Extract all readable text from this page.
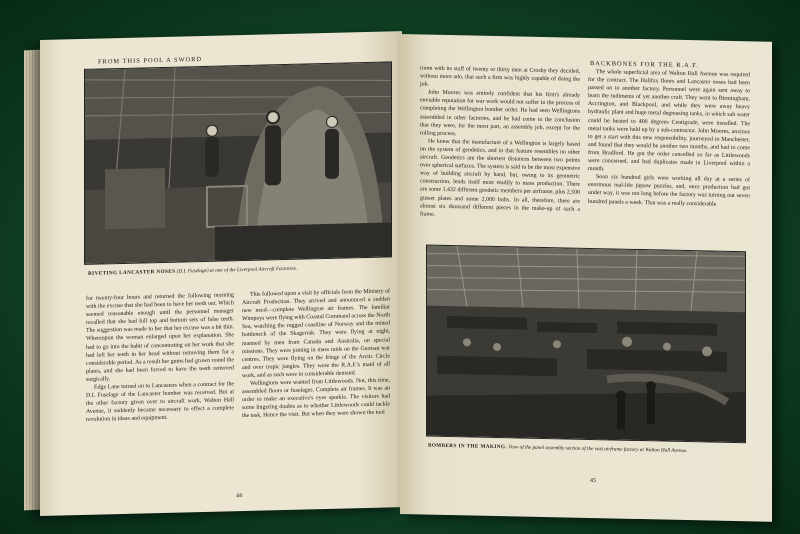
FROM THIS POOL A SWORD
RIVETING LANCASTER NOSES (D.I. Fuselage) at one of the Liverpool Aircraft Factories.

for twenty-four hours and returned the following morning with the excuse that she had been to have her teeth out. Which seemed reasonable enough until the personnel manager recalled that she had full top and bottom sets of false teeth. The suggestion was made to her that her excuse was a bit thin. Whereupon the woman enlarged upon her explanation. She had to go into the habit of concentrating on her work that she had left her teeth in her head without removing them for a considerable period. As a result her gums had grown round the plates, and she had been forced to have the teeth removed surgically.

Edge Lane turned on to Lancasters when a contract for the D.I. Fuselage of the Lancaster bomber was received. But at the other factory given over to aircraft work, Walton Hall Avenue, it suddenly became necessary to effect a complete revolution in ideas and equipment.

This followed upon a visit by officials from the Ministry of Aircraft Production. They arrived and announced a sudden new need—complete Wellington air frames. The familiar Wimpeys were flying with Coastal Command across the North Sea, watching the rugged coastline of Norway and the mined bottleneck of the Skagerrak. They were flying at night, manned by men from Canada and Australia, on special missions. They were joining in mass raids on the German war centres. They were flying on the fringe of the Arctic Circle and over tropic jungles. They were the R.A.F.'s maid of all work, and as such were in considerable demand.

Wellingtons were wanted from Littlewoods. Not, this time, assembled floors or fuselages. Complete air frames. It was an order to make an executive's eyes sparkle. The visitors had some lingering doubts as to whether Littlewoods could tackle the task. Hence the visit. But when they were shown the tool

44
BACKBONES FOR THE R.A.F.

room with its staff of twenty or thirty men at Crosby they decided, without more ado, that such a firm was highly capable of doing the job.

John Moores was entirely confident that his firm's already enviable reputation for war work would not suffer in the process of completing the Wellington bomber order. He had seen Wellingtons assembled in other factories, and he had come to the conclusion that they were, for the most part, an assembly job, except for the rolling process.

He knew that the manufacture of a Wellington is largely based on the system of geodetics, and in that feature resembles no other aircraft. Geodetics are the shortest distances between two points over spherical surfaces. The system is said to be the most expensive way of building aircraft by hand, but, owing to its geometric construction, lends itself most readily to mass production. There are some 1,432 different geodetic members per airframe, plus 2,500 gusset plates and some 2,000 bolts. In all, therefore, there are almost six thousand different pieces in the make-up of such a frame.

The whole superficial area of Walton Hall Avenue was required for the contract. The Halifax floors and Lancaster noses had been passed on to another factory. Personnel were again sent away to learn the rudiments of yet another craft. They went to Birmingham, Accrington, and Blackpool, and while they were away heavy hydraulic plant and huge metal degreasing tanks, in which salt water could be heated to 400 degrees Centigrade, were installed. The metal tanks were held up by a sub-contractor. John Moores, anxious to get a start with this new responsibility, journeyed to Manchester, and found that they would be another two months, and had to come from Bradford. He got the order cancelled so far as Littlewoods were concerned, and had duplicates made in Liverpool within a month.

Soon six hundred girls were working all day at a series of enormous mal-life jigsaw puzzles, and, once production had got under way, it was not long before the factory was turning out seven hundred panels a week. That was a really considerable

BOMBERS IN THE MAKING. View of the panel assembly section of the vast airframe factory at Walton Hall Avenue.
45
